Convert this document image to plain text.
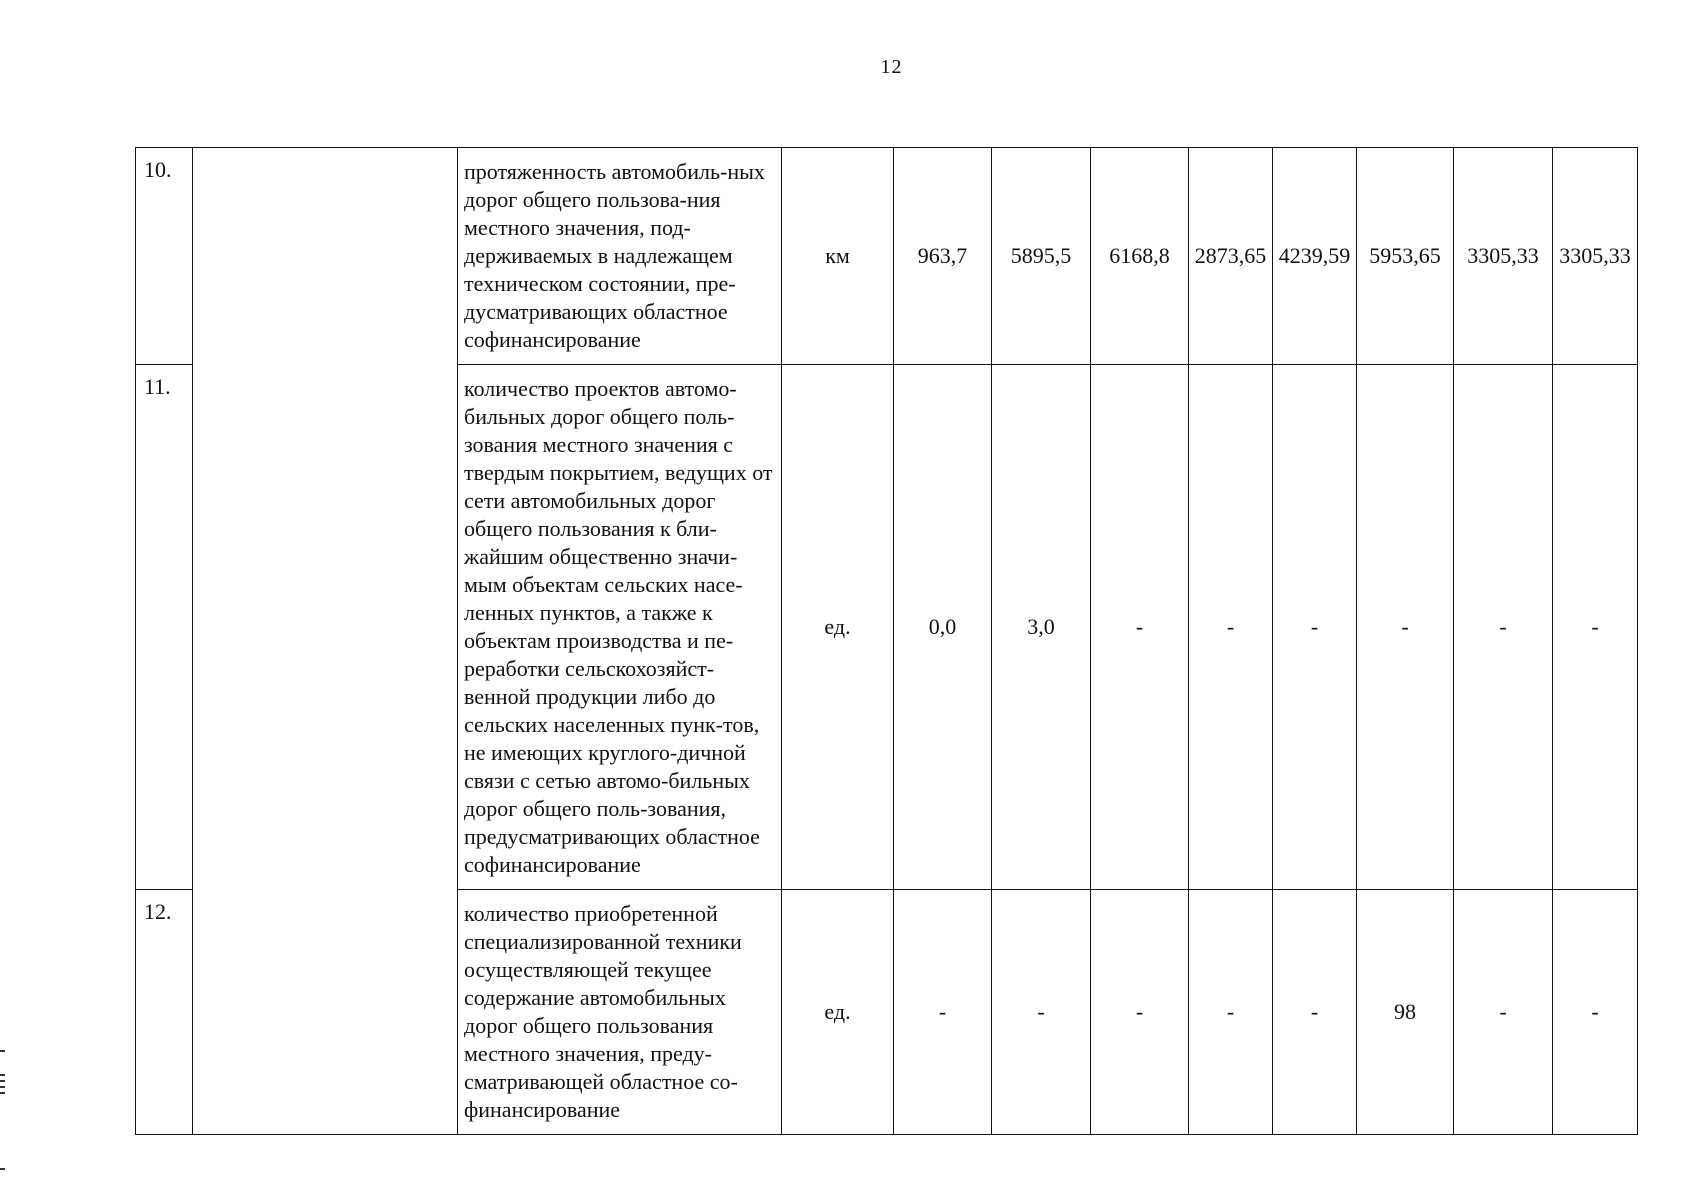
12
10.		протяженность автомобиль-ных дорог общего пользова-ния местного значения, под-держиваемых в надлежащем техническом состоянии, пре-дусматривающих областное софинансирование	км	963,7	5895,5	6168,8	2873,65	4239,59	5953,65	3305,33	3305,33
11.		количество проектов автомо-бильных дорог общего поль-зования местного значения с твердым покрытием, ведущих от сети автомобильных дорог общего пользования к бли-жайшим общественно значи-мым объектам сельских насе-ленных пунктов, а также к объектам производства и пе-реработки сельскохозяйст-венной продукции либо до сельских населенных пунк-тов, не имеющих круглого-дичной связи с сетью автомо-бильных дорог общего поль-зования, предусматривающих областное софинансирование	ед.	0,0	3,0	-	-	-	-	-	-
12.		количество приобретенной специализированной техники осуществляющей текущее содержание автомобильных дорог общего пользования местного значения, преду-сматривающей областное со-финансирование	ед.	-	-	-	-	-	98	-	-
